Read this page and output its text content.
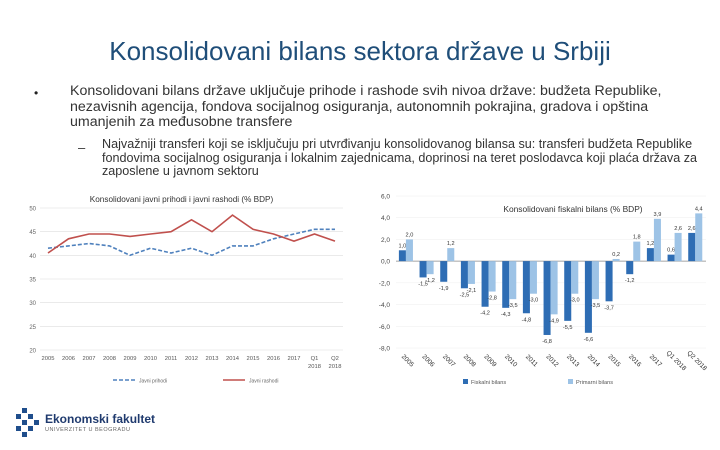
Konsolidovani bilans sektora države u Srbiji
• Konsolidovani bilans države uključuje prihode i rashode svih nivoa države: budžeta Republike, nezavisnih agencija, fondova socijalnog osiguranja, autonomnih pokrajina, gradova i opština umanjenih za međusobne transfere
– Najvažniji transferi koji se isključuju pri utvrđivanju konsolidovanog bilansa su: transferi budžeta Republike fondovima socijalnog osiguranja i lokalnim zajednicama, doprinosi na teret poslodavca koji plaća država za zaposlene u javnom sektoru
Konsolidovani javni prihodi i javni rashodi (% BDP)
20
25
30
35
40
45
50
2005 2006 2007 2008 2009 2010 2011 2012 2013 2014 2015 2016 2017 Q1
2018
Q2
2018
Javni prihodi	Javni rashodi
Konsolidovani fiskalni bilans (% BDP)
-8,0
-6,0
-4,0
-2,0
0,0
2,0
4,0
6,0
1,0
-1,5
-1,9
-2,5
-4,2 -4,3
-4,8
-6,8
-5,5
-6,6
-3,7
-1,2
1,2
0,6
2,6
2,0
-1,2
1,2
-2,1
-2,8
-3,5
-3,0
-4,9
-3,0
-3,5
0,2
1,8
3,9
2,6
4,4
2005 2006 2007 2008 2009 2010 2011 2012 2013 2014 2015 2016 2017 Q1 2018
Q2 2018
Fiskalni bilans	Primarni bilans
Ekonomski fakultet
UNIVERZITET U BEOGRADU
